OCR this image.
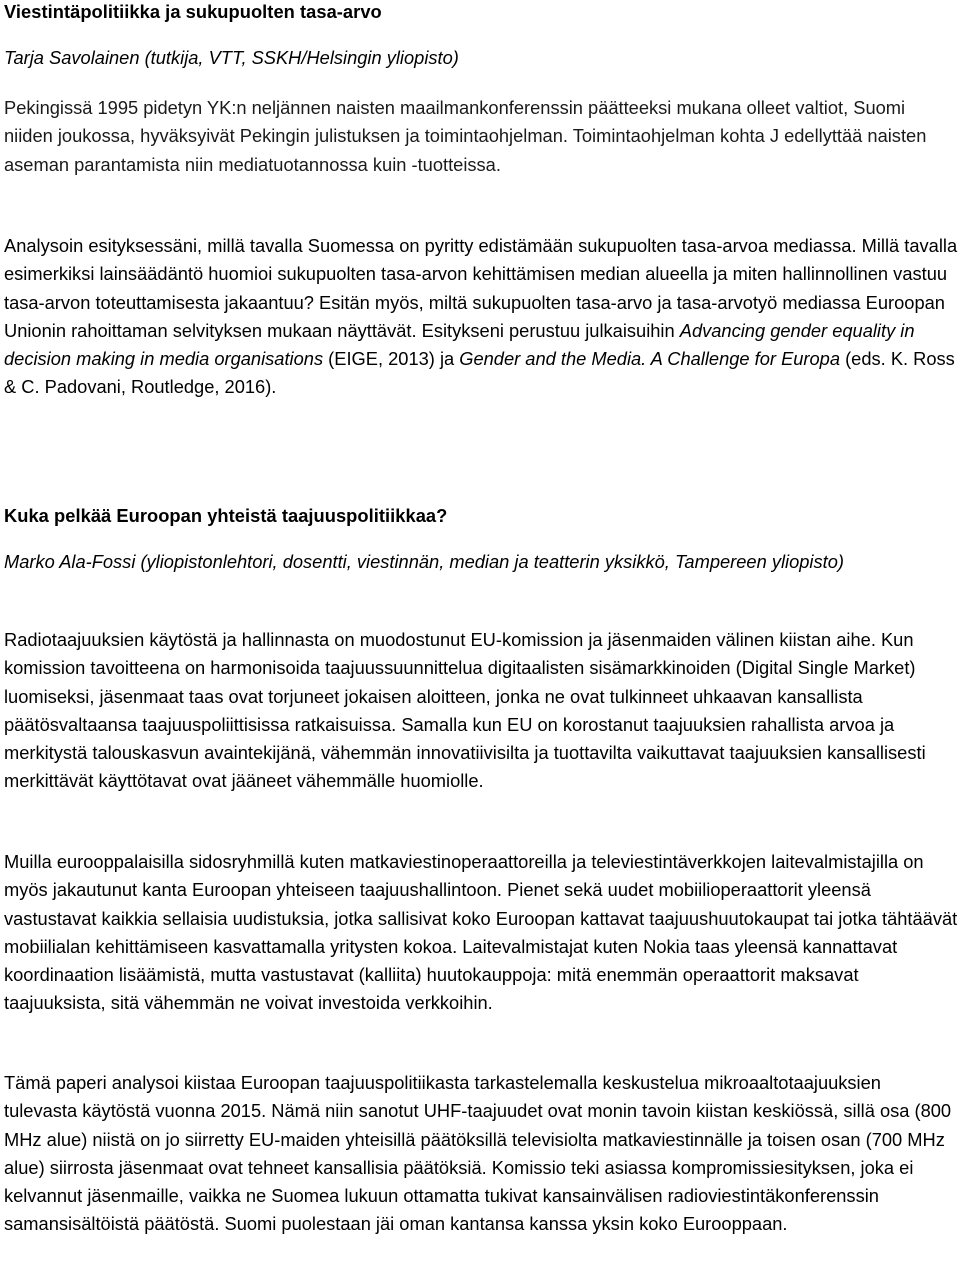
Viestintäpolitiikka ja sukupuolten tasa-arvo
Tarja Savolainen (tutkija, VTT, SSKH/Helsingin yliopisto)

Pekingissä 1995 pidetyn YK:n neljännen naisten maailmankonferenssin päätteeksi mukana olleet valtiot, Suomi niiden joukossa, hyväksyivät Pekingin julistuksen ja toimintaohjelman. Toimintaohjelman kohta J edellyttää naisten aseman parantamista niin mediatuotannossa kuin -tuotteissa.

Analysoin esityksessäni, millä tavalla Suomessa on pyritty edistämään sukupuolten tasa-arvoa mediassa. Millä tavalla esimerkiksi lainsäädäntö huomioi sukupuolten tasa-arvon kehittämisen median alueella ja miten hallinnollinen vastuu tasa-arvon toteuttamisesta jakaantuu? Esitän myös, miltä sukupuolten tasa-arvo ja tasa-arvotyö mediassa Euroopan Unionin rahoittaman selvityksen mukaan näyttävät. Esitykseni perustuu julkaisuihin Advancing gender equality in decision making in media organisations (EIGE, 2013) ja Gender and the Media. A Challenge for Europa (eds. K. Ross & C. Padovani, Routledge, 2016).

Kuka pelkää Euroopan yhteistä taajuuspolitiikkaa?
Marko Ala-Fossi (yliopistonlehtori, dosentti, viestinnän, median ja teatterin yksikkö, Tampereen yliopisto)

Radiotaajuuksien käytöstä ja hallinnasta on muodostunut EU-komission ja jäsenmaiden välinen kiistan aihe. Kun komission tavoitteena on harmonisoida taajuussuunnittelua digitaalisten sisämarkkinoiden (Digital Single Market) luomiseksi, jäsenmaat taas ovat torjuneet jokaisen aloitteen, jonka ne ovat tulkinneet uhkaavan kansallista päätösvaltaansa taajuuspoliittisissa ratkaisuissa. Samalla kun EU on korostanut taajuuksien rahallista arvoa ja merkitystä talouskasvun avaintekijänä, vähemmän innovatiivisilta ja tuottavilta vaikuttavat taajuuksien kansallisesti merkittävät käyttötavat ovat jääneet vähemmälle huomiolle.

Muilla eurooppalaisilla sidosryhmillä kuten matkaviestinoperaattoreilla ja televiestintäverkkojen laitevalmistajilla on myös jakautunut kanta Euroopan yhteiseen taajuushallintoon. Pienet sekä uudet mobiilioperaattorit yleensä vastustavat kaikkia sellaisia uudistuksia, jotka sallisivat koko Euroopan kattavat taajuushuutokaupat tai jotka tähtäävät mobiilialan kehittämiseen kasvattamalla yritysten kokoa. Laitevalmistajat kuten Nokia taas yleensä kannattavat koordinaation lisäämistä, mutta vastustavat (kalliita) huutokauppoja: mitä enemmän operaattorit maksavat taajuuksista, sitä vähemmän ne voivat investoida verkkoihin.

Tämä paperi analysoi kiistaa Euroopan taajuuspolitiikasta tarkastelemalla keskustelua mikroaaltotaajuuksien tulevasta käytöstä vuonna 2015. Nämä niin sanotut UHF-taajuudet ovat monin tavoin kiistan keskiössä, sillä osa (800 MHz alue) niistä on jo siirretty EU-maiden yhteisillä päätöksillä televisiolta matkaviestinnälle ja toisen osan (700 MHz alue) siirrosta jäsenmaat ovat tehneet kansallisia päätöksiä. Komissio teki asiassa kompromissiesityksen, joka ei kelvannut jäsenmaille, vaikka ne Suomea lukuun ottamatta tukivat kansainvälisen radioviestintäkonferenssin samansisältöistä päätöstä. Suomi puolestaan jäi oman kantansa kanssa yksin koko Eurooppaan.
